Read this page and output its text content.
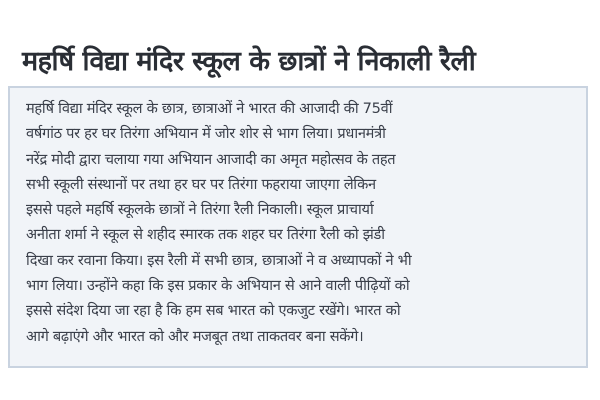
महर्षि विद्या मंदिर स्कूल के छात्रों ने निकाली रैली

महर्षि विद्या मंदिर स्कूल के छात्र, छात्राओं ने भारत की आजादी की 75वीं
वर्षगांठ पर हर घर तिरंगा अभियान में जोर शोर से भाग लिया। प्रधानमंत्री
नरेंद्र मोदी द्वारा चलाया गया अभियान आजादी का अमृत महोत्सव के तहत
सभी स्कूली संस्थानों पर तथा हर घर पर तिरंगा फहराया जाएगा लेकिन
इससे पहले महर्षि स्कूलके छात्रों ने तिरंगा रैली निकाली। स्कूल प्राचार्या
अनीता शर्मा ने स्कूल से शहीद स्मारक तक शहर घर तिरंगा रैली को झंडी
दिखा कर रवाना किया। इस रैली में सभी छात्र, छात्राओं ने व अध्यापकों ने भी
भाग लिया। उन्होंने कहा कि इस प्रकार के अभियान से आने वाली पीढ़ियों को
इससे संदेश दिया जा रहा है कि हम सब भारत को एकजुट रखेंगे। भारत को
आगे बढ़ाएंगे और भारत को और मजबूत तथा ताकतवर बना सकेंगे।
